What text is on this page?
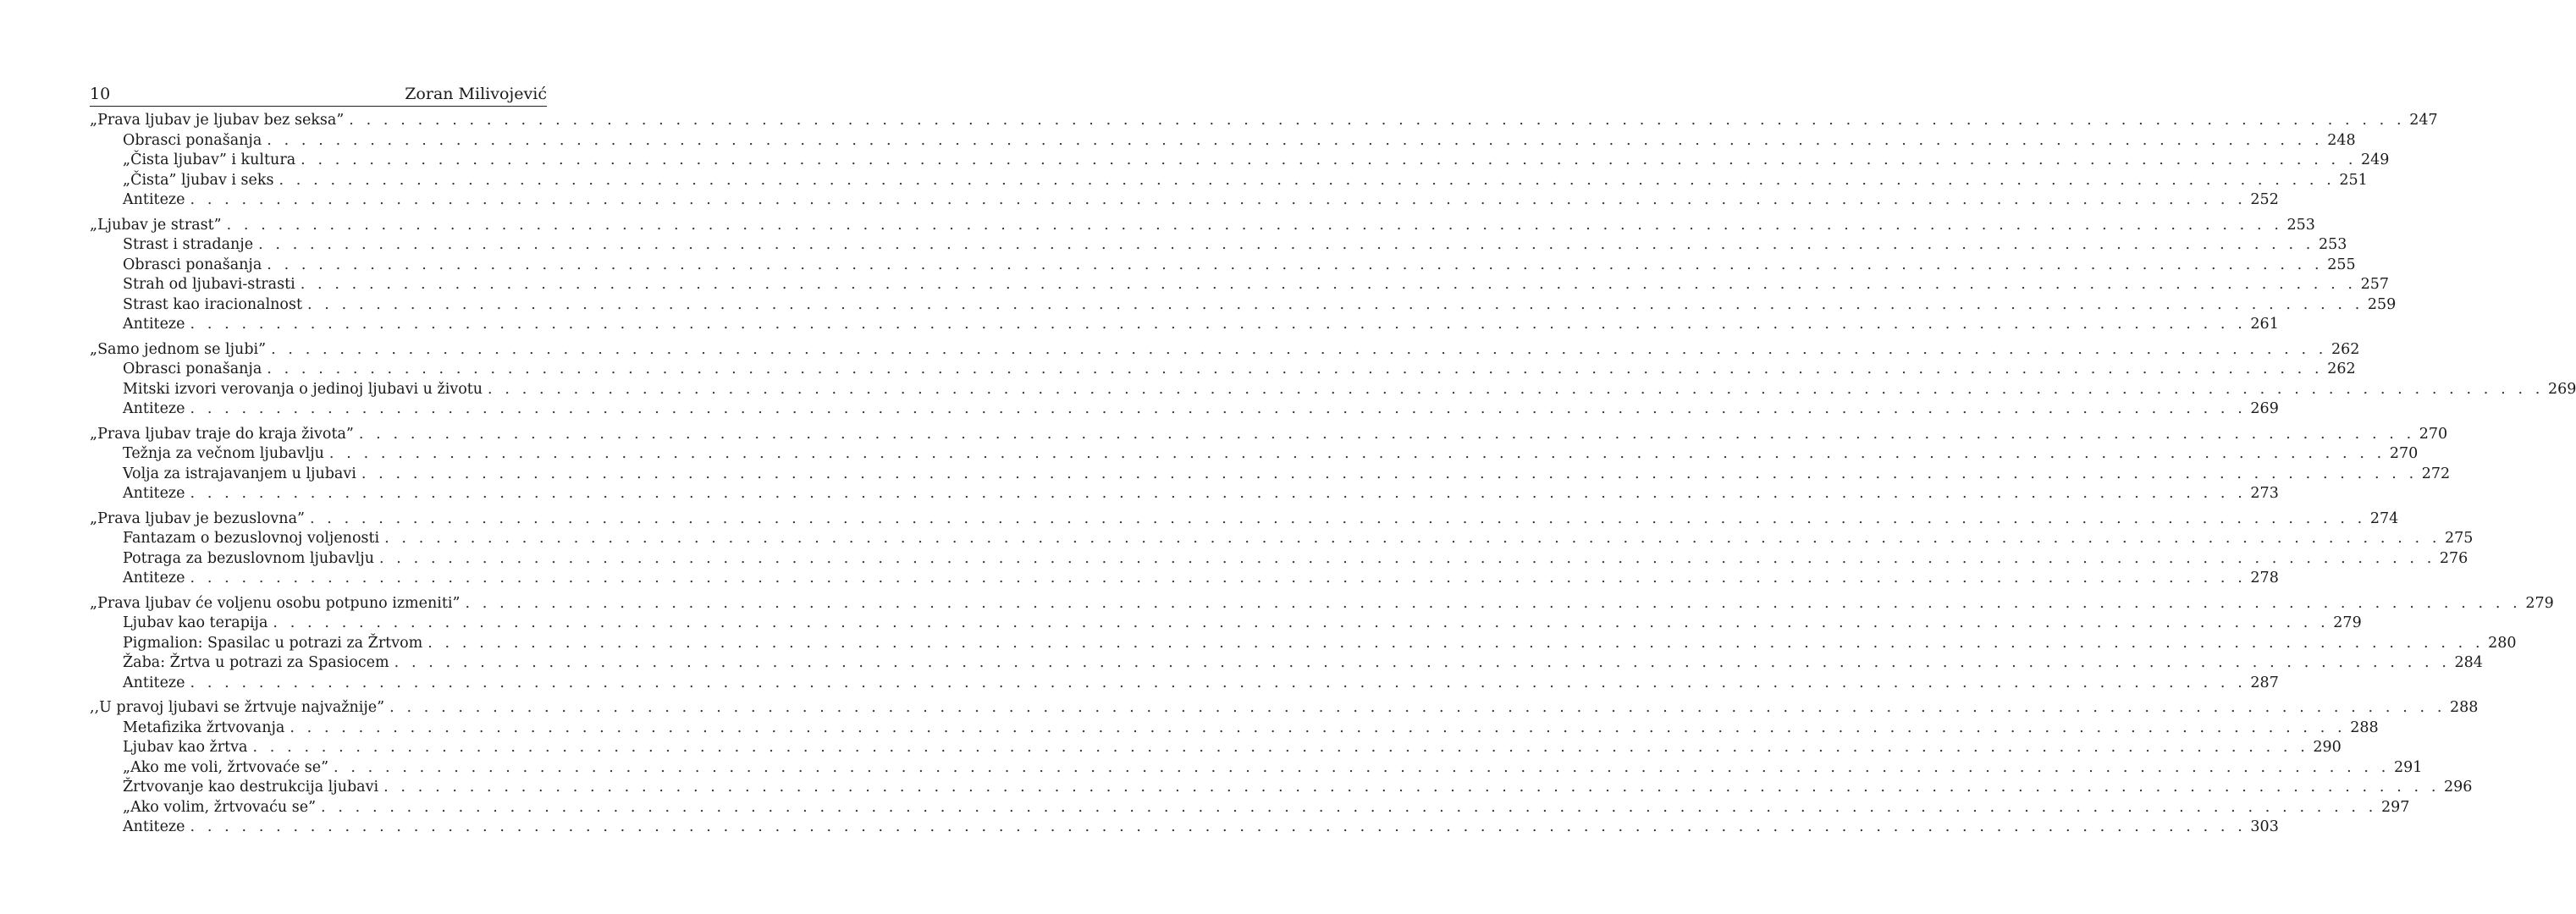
10	Zoran Milivojević
„Prava ljubav je ljubav bez seksa” . . . . . . . . . . . . . . . . . . . . . . . . . . . . . . . . . . . . . . . . . . . . . . . . . . . . . . . . . . . . . . . . . . . . . . . . . . . . . . . . . . . . . . . . . . . . . . . . . . . . . . . . . . . . . . . . . . . . . . . . 247
Obrasci ponašanja . . . . . . . . . . . . . . . . . . . . . . . . . . . . . . . . . . . . . . . . . . . . . . . . . . . . . . . . . . . . . . . . . . . . . . . . . . . . . . . . . . . . . . . . . . . . . . . . . . . . . . . . . . . . . . . . . . . . . . . . 248
„Čista ljubav” i kultura . . . . . . . . . . . . . . . . . . . . . . . . . . . . . . . . . . . . . . . . . . . . . . . . . . . . . . . . . . . . . . . . . . . . . . . . . . . . . . . . . . . . . . . . . . . . . . . . . . . . . . . . . . . . . . . . . . . . . . . . 249
„Čista” ljubav i seks . . . . . . . . . . . . . . . . . . . . . . . . . . . . . . . . . . . . . . . . . . . . . . . . . . . . . . . . . . . . . . . . . . . . . . . . . . . . . . . . . . . . . . . . . . . . . . . . . . . . . . . . . . . . . . . . . . . . . . . . 251
Antiteze . . . . . . . . . . . . . . . . . . . . . . . . . . . . . . . . . . . . . . . . . . . . . . . . . . . . . . . . . . . . . . . . . . . . . . . . . . . . . . . . . . . . . . . . . . . . . . . . . . . . . . . . . . . . . . . . . . . . . . . . 252
„Ljubav je strast” . . . . . . . . . . . . . . . . . . . . . . . . . . . . . . . . . . . . . . . . . . . . . . . . . . . . . . . . . . . . . . . . . . . . . . . . . . . . . . . . . . . . . . . . . . . . . . . . . . . . . . . . . . . . . . . . . . . . . . . . 253
Strast i stradanje . . . . . . . . . . . . . . . . . . . . . . . . . . . . . . . . . . . . . . . . . . . . . . . . . . . . . . . . . . . . . . . . . . . . . . . . . . . . . . . . . . . . . . . . . . . . . . . . . . . . . . . . . . . . . . . . . . . . . . . . 253
Obrasci ponašanja . . . . . . . . . . . . . . . . . . . . . . . . . . . . . . . . . . . . . . . . . . . . . . . . . . . . . . . . . . . . . . . . . . . . . . . . . . . . . . . . . . . . . . . . . . . . . . . . . . . . . . . . . . . . . . . . . . . . . . . . 255
Strah od ljubavi-strasti . . . . . . . . . . . . . . . . . . . . . . . . . . . . . . . . . . . . . . . . . . . . . . . . . . . . . . . . . . . . . . . . . . . . . . . . . . . . . . . . . . . . . . . . . . . . . . . . . . . . . . . . . . . . . . . . . . . . . . . . 257
Strast kao iracionalnost . . . . . . . . . . . . . . . . . . . . . . . . . . . . . . . . . . . . . . . . . . . . . . . . . . . . . . . . . . . . . . . . . . . . . . . . . . . . . . . . . . . . . . . . . . . . . . . . . . . . . . . . . . . . . . . . . . . . . . . . 259
Antiteze . . . . . . . . . . . . . . . . . . . . . . . . . . . . . . . . . . . . . . . . . . . . . . . . . . . . . . . . . . . . . . . . . . . . . . . . . . . . . . . . . . . . . . . . . . . . . . . . . . . . . . . . . . . . . . . . . . . . . . . . 261
„Samo jednom se ljubi” . . . . . . . . . . . . . . . . . . . . . . . . . . . . . . . . . . . . . . . . . . . . . . . . . . . . . . . . . . . . . . . . . . . . . . . . . . . . . . . . . . . . . . . . . . . . . . . . . . . . . . . . . . . . . . . . . . . . . . . . 262
Obrasci ponašanja . . . . . . . . . . . . . . . . . . . . . . . . . . . . . . . . . . . . . . . . . . . . . . . . . . . . . . . . . . . . . . . . . . . . . . . . . . . . . . . . . . . . . . . . . . . . . . . . . . . . . . . . . . . . . . . . . . . . . . . . 262
Mitski izvori verovanja o jedinoj ljubavi u životu . . . . . . . . . . . . . . . . . . . . . . . . . . . . . . . . . . . . . . . . . . . . . . . . . . . . . . . . . . . . . . . . . . . . . . . . . . . . . . . . . . . . . . . . . . . . . . . . . . . . . . . . . . . . . . . . . . . . . . . . 269
Antiteze . . . . . . . . . . . . . . . . . . . . . . . . . . . . . . . . . . . . . . . . . . . . . . . . . . . . . . . . . . . . . . . . . . . . . . . . . . . . . . . . . . . . . . . . . . . . . . . . . . . . . . . . . . . . . . . . . . . . . . . . 269
„Prava ljubav traje do kraja života” . . . . . . . . . . . . . . . . . . . . . . . . . . . . . . . . . . . . . . . . . . . . . . . . . . . . . . . . . . . . . . . . . . . . . . . . . . . . . . . . . . . . . . . . . . . . . . . . . . . . . . . . . . . . . . . . . . . . . . . . 270
Težnja za večnom ljubavlju . . . . . . . . . . . . . . . . . . . . . . . . . . . . . . . . . . . . . . . . . . . . . . . . . . . . . . . . . . . . . . . . . . . . . . . . . . . . . . . . . . . . . . . . . . . . . . . . . . . . . . . . . . . . . . . . . . . . . . . . 270
Volja za istrajavanjem u ljubavi . . . . . . . . . . . . . . . . . . . . . . . . . . . . . . . . . . . . . . . . . . . . . . . . . . . . . . . . . . . . . . . . . . . . . . . . . . . . . . . . . . . . . . . . . . . . . . . . . . . . . . . . . . . . . . . . . . . . . . . . 272
Antiteze . . . . . . . . . . . . . . . . . . . . . . . . . . . . . . . . . . . . . . . . . . . . . . . . . . . . . . . . . . . . . . . . . . . . . . . . . . . . . . . . . . . . . . . . . . . . . . . . . . . . . . . . . . . . . . . . . . . . . . . . 273
„Prava ljubav je bezuslovna” . . . . . . . . . . . . . . . . . . . . . . . . . . . . . . . . . . . . . . . . . . . . . . . . . . . . . . . . . . . . . . . . . . . . . . . . . . . . . . . . . . . . . . . . . . . . . . . . . . . . . . . . . . . . . . . . . . . . . . . . 274
Fantazam o bezuslovnoj voljenosti . . . . . . . . . . . . . . . . . . . . . . . . . . . . . . . . . . . . . . . . . . . . . . . . . . . . . . . . . . . . . . . . . . . . . . . . . . . . . . . . . . . . . . . . . . . . . . . . . . . . . . . . . . . . . . . . . . . . . . . . 275
Potraga za bezuslovnom ljubavlju . . . . . . . . . . . . . . . . . . . . . . . . . . . . . . . . . . . . . . . . . . . . . . . . . . . . . . . . . . . . . . . . . . . . . . . . . . . . . . . . . . . . . . . . . . . . . . . . . . . . . . . . . . . . . . . . . . . . . . . . 276
Antiteze . . . . . . . . . . . . . . . . . . . . . . . . . . . . . . . . . . . . . . . . . . . . . . . . . . . . . . . . . . . . . . . . . . . . . . . . . . . . . . . . . . . . . . . . . . . . . . . . . . . . . . . . . . . . . . . . . . . . . . . . 278
„Prava ljubav će voljenu osobu potpuno izmeniti” . . . . . . . . . . . . . . . . . . . . . . . . . . . . . . . . . . . . . . . . . . . . . . . . . . . . . . . . . . . . . . . . . . . . . . . . . . . . . . . . . . . . . . . . . . . . . . . . . . . . . . . . . . . . . . . . . . . . . . . . 279
Ljubav kao terapija . . . . . . . . . . . . . . . . . . . . . . . . . . . . . . . . . . . . . . . . . . . . . . . . . . . . . . . . . . . . . . . . . . . . . . . . . . . . . . . . . . . . . . . . . . . . . . . . . . . . . . . . . . . . . . . . . . . . . . . . 279
Pigmalion: Spasilac u potrazi za Žrtvom . . . . . . . . . . . . . . . . . . . . . . . . . . . . . . . . . . . . . . . . . . . . . . . . . . . . . . . . . . . . . . . . . . . . . . . . . . . . . . . . . . . . . . . . . . . . . . . . . . . . . . . . . . . . . . . . . . . . . . . . 280
Žaba: Žrtva u potrazi za Spasiocem . . . . . . . . . . . . . . . . . . . . . . . . . . . . . . . . . . . . . . . . . . . . . . . . . . . . . . . . . . . . . . . . . . . . . . . . . . . . . . . . . . . . . . . . . . . . . . . . . . . . . . . . . . . . . . . . . . . . . . . . 284
Antiteze . . . . . . . . . . . . . . . . . . . . . . . . . . . . . . . . . . . . . . . . . . . . . . . . . . . . . . . . . . . . . . . . . . . . . . . . . . . . . . . . . . . . . . . . . . . . . . . . . . . . . . . . . . . . . . . . . . . . . . . . 287
,,U pravoj ljubavi se žrtvuje najvažnije” . . . . . . . . . . . . . . . . . . . . . . . . . . . . . . . . . . . . . . . . . . . . . . . . . . . . . . . . . . . . . . . . . . . . . . . . . . . . . . . . . . . . . . . . . . . . . . . . . . . . . . . . . . . . . . . . . . . . . . . . 288
Metafizika žrtvovanja . . . . . . . . . . . . . . . . . . . . . . . . . . . . . . . . . . . . . . . . . . . . . . . . . . . . . . . . . . . . . . . . . . . . . . . . . . . . . . . . . . . . . . . . . . . . . . . . . . . . . . . . . . . . . . . . . . . . . . . . 288
Ljubav kao žrtva . . . . . . . . . . . . . . . . . . . . . . . . . . . . . . . . . . . . . . . . . . . . . . . . . . . . . . . . . . . . . . . . . . . . . . . . . . . . . . . . . . . . . . . . . . . . . . . . . . . . . . . . . . . . . . . . . . . . . . . . 290
„Ako me voli, žrtvovaće se” . . . . . . . . . . . . . . . . . . . . . . . . . . . . . . . . . . . . . . . . . . . . . . . . . . . . . . . . . . . . . . . . . . . . . . . . . . . . . . . . . . . . . . . . . . . . . . . . . . . . . . . . . . . . . . . . . . . . . . . . 291
Žrtvovanje kao destrukcija ljubavi . . . . . . . . . . . . . . . . . . . . . . . . . . . . . . . . . . . . . . . . . . . . . . . . . . . . . . . . . . . . . . . . . . . . . . . . . . . . . . . . . . . . . . . . . . . . . . . . . . . . . . . . . . . . . . . . . . . . . . . . 296
„Ako volim, žrtvovaću se” . . . . . . . . . . . . . . . . . . . . . . . . . . . . . . . . . . . . . . . . . . . . . . . . . . . . . . . . . . . . . . . . . . . . . . . . . . . . . . . . . . . . . . . . . . . . . . . . . . . . . . . . . . . . . . . . . . . . . . . . 297
Antiteze . . . . . . . . . . . . . . . . . . . . . . . . . . . . . . . . . . . . . . . . . . . . . . . . . . . . . . . . . . . . . . . . . . . . . . . . . . . . . . . . . . . . . . . . . . . . . . . . . . . . . . . . . . . . . . . . . . . . . . . . 303
